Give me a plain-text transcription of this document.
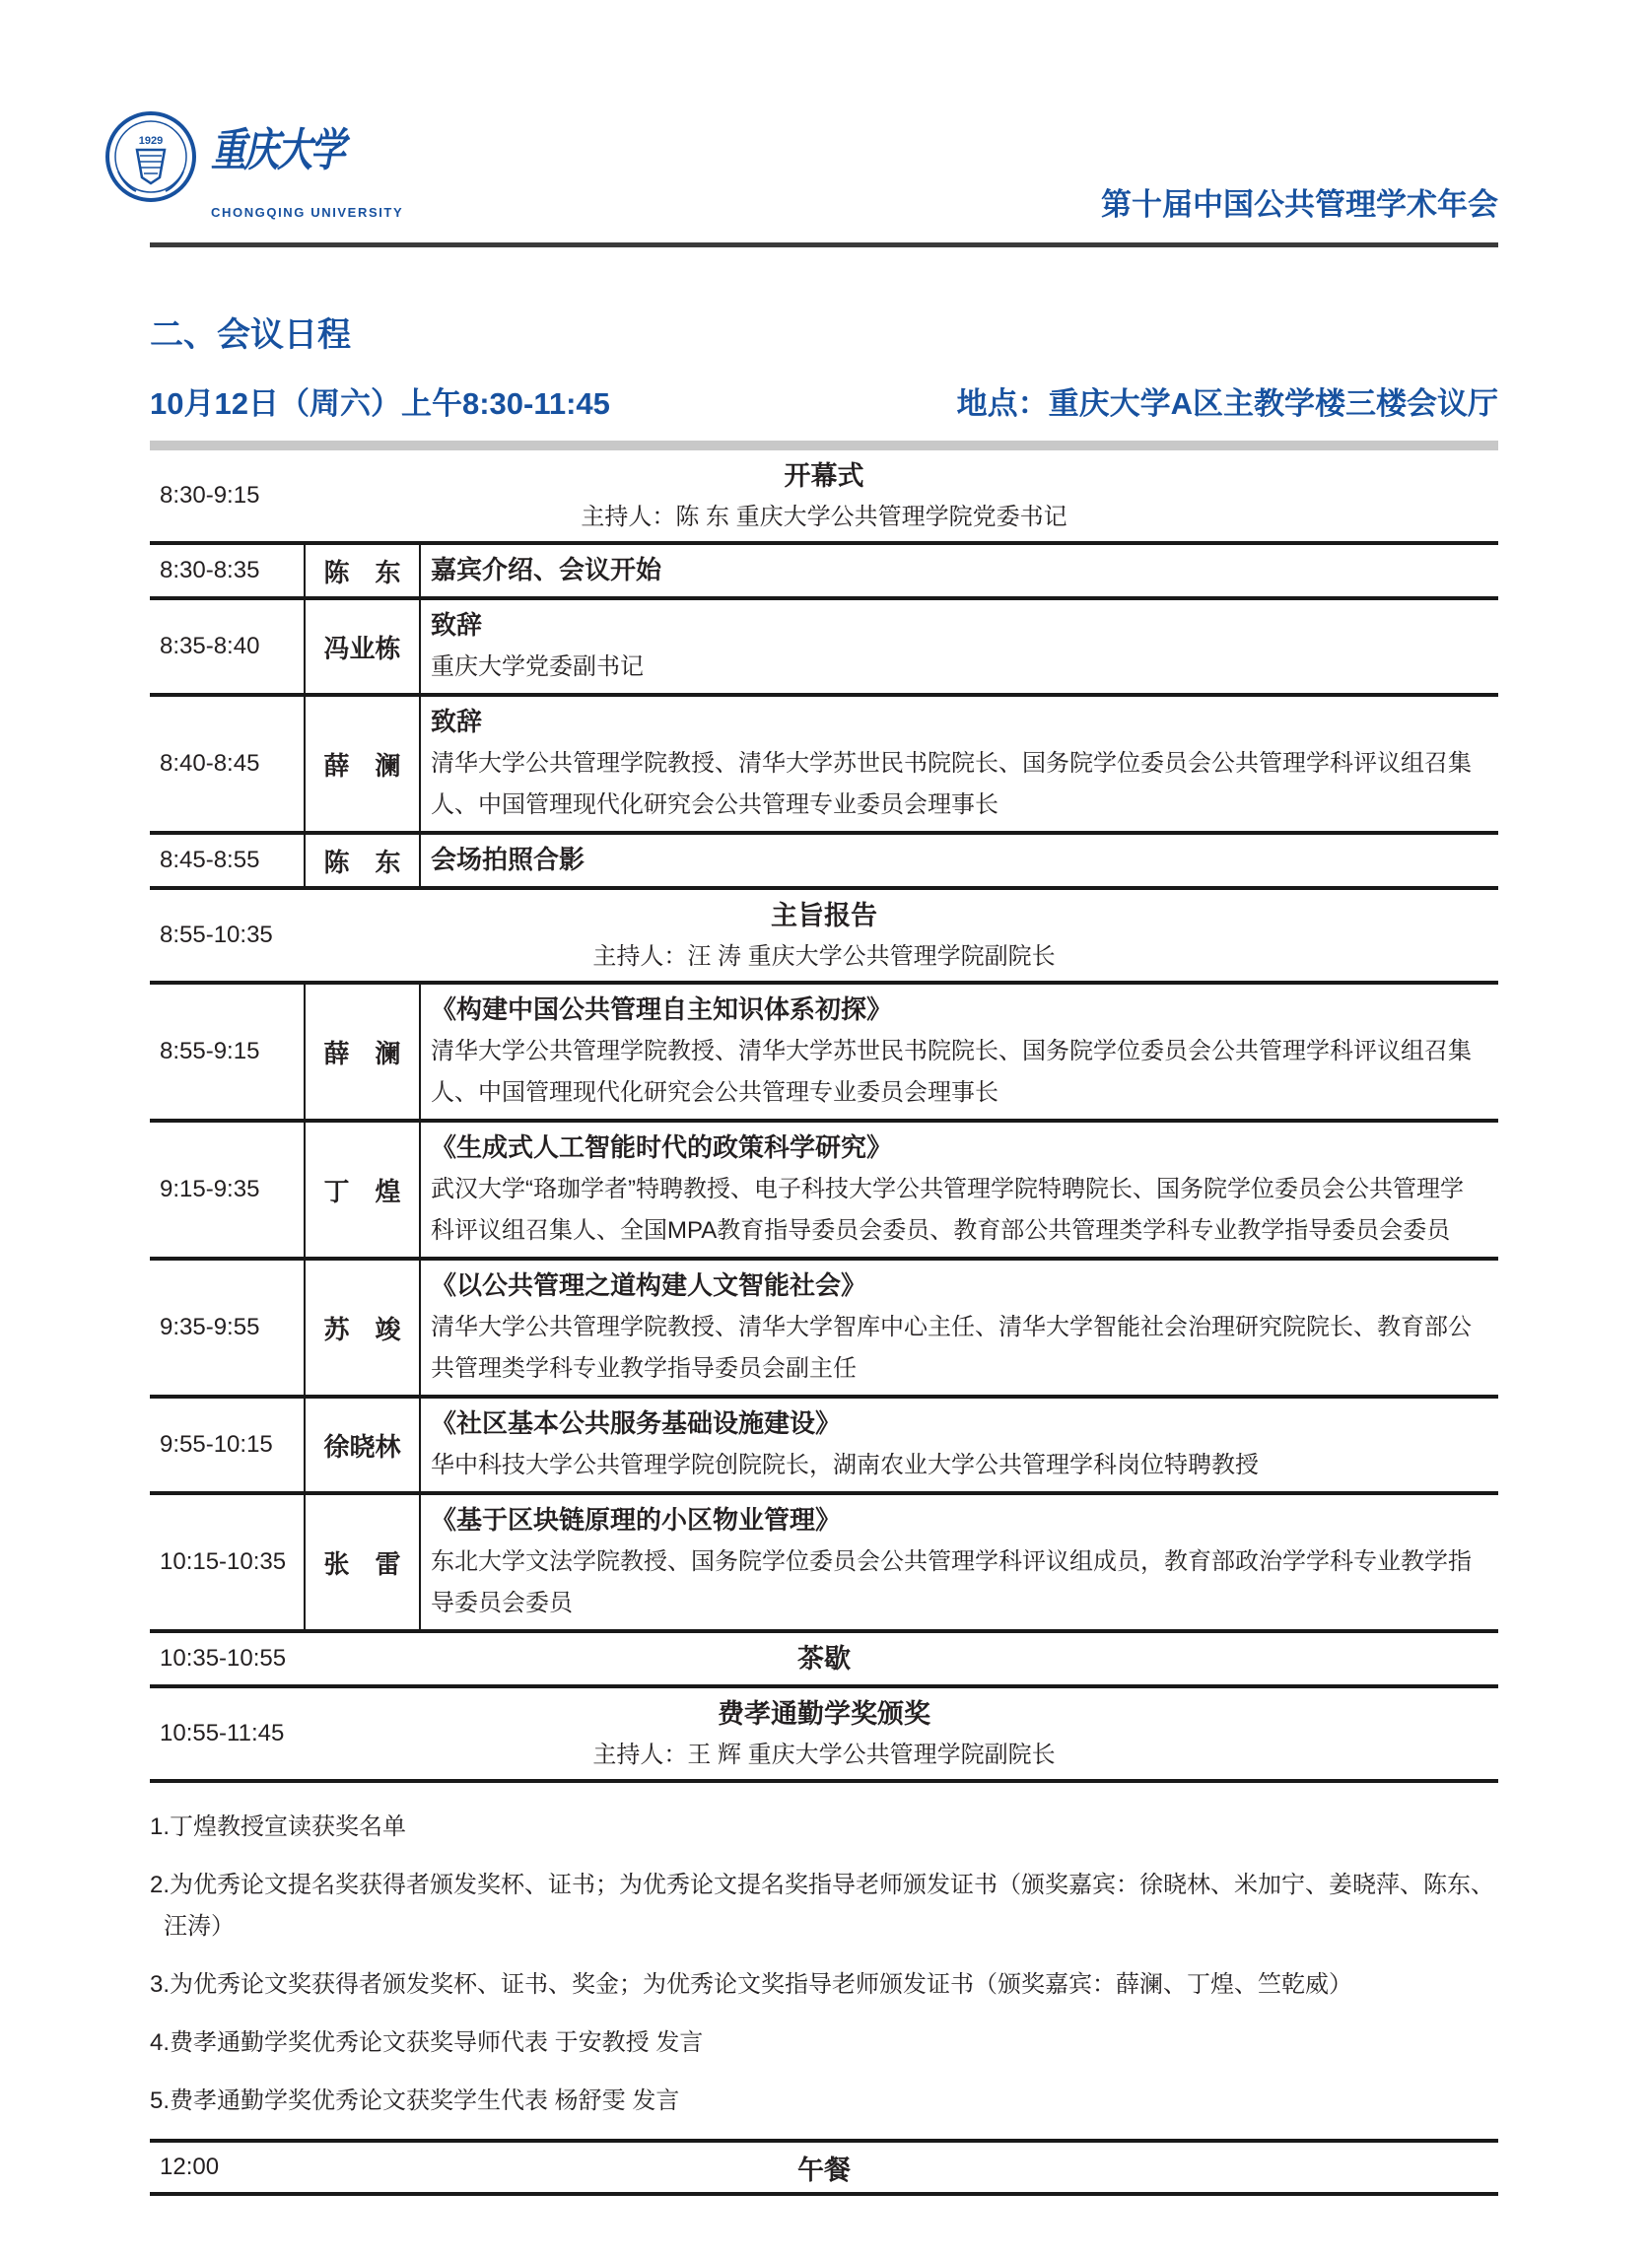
1929 重庆大学
CHONGQING UNIVERSITY	第十届中国公共管理学术年会
二、会议日程
10月12日（周六）上午8:30-11:45	地点：重庆大学A区主教学楼三楼会议厅
8:30-9:15
开幕式
主持人：陈 东 重庆大学公共管理学院党委书记
8:30-8:35	陈　东	嘉宾介绍、会议开始
8:35-8:40	冯业栋
致辞
重庆大学党委副书记
8:40-8:45	薛　澜
致辞
清华大学公共管理学院教授、清华大学苏世民书院院长、国务院学位委员会公共管理学科评议组召集人、中国管理现代化研究会公共管理专业委员会理事长
8:45-8:55	陈　东	会场拍照合影
8:55-10:35
主旨报告
主持人：汪 涛 重庆大学公共管理学院副院长
8:55-9:15	薛　澜
《构建中国公共管理自主知识体系初探》
清华大学公共管理学院教授、清华大学苏世民书院院长、国务院学位委员会公共管理学科评议组召集人、中国管理现代化研究会公共管理专业委员会理事长
9:15-9:35	丁　煌
《生成式人工智能时代的政策科学研究》
武汉大学“珞珈学者”特聘教授、电子科技大学公共管理学院特聘院长、国务院学位委员会公共管理学科评议组召集人、全国MPA教育指导委员会委员、教育部公共管理类学科专业教学指导委员会委员
9:35-9:55	苏　竣
《以公共管理之道构建人文智能社会》
清华大学公共管理学院教授、清华大学智库中心主任、清华大学智能社会治理研究院院长、教育部公共管理类学科专业教学指导委员会副主任
9:55-10:15	徐晓林
《社区基本公共服务基础设施建设》
华中科技大学公共管理学院创院院长，湖南农业大学公共管理学科岗位特聘教授
10:15-10:35	张　雷
《基于区块链原理的小区物业管理》
东北大学文法学院教授、国务院学位委员会公共管理学科评议组成员，教育部政治学学科专业教学指导委员会委员
10:35-10:55	茶歇
10:55-11:45
费孝通勤学奖颁奖
主持人：王 辉 重庆大学公共管理学院副院长

1.丁煌教授宣读获奖名单

2.为优秀论文提名奖获得者颁发奖杯、证书；为优秀论文提名奖指导老师颁发证书（颁奖嘉宾：徐晓林、米加宁、姜晓萍、陈东、汪涛）

3.为优秀论文奖获得者颁发奖杯、证书、奖金；为优秀论文奖指导老师颁发证书（颁奖嘉宾：薛澜、丁煌、竺乾威）

4.费孝通勤学奖优秀论文获奖导师代表 于安教授 发言

5.费孝通勤学奖优秀论文获奖学生代表 杨舒雯 发言

12:00	午餐
